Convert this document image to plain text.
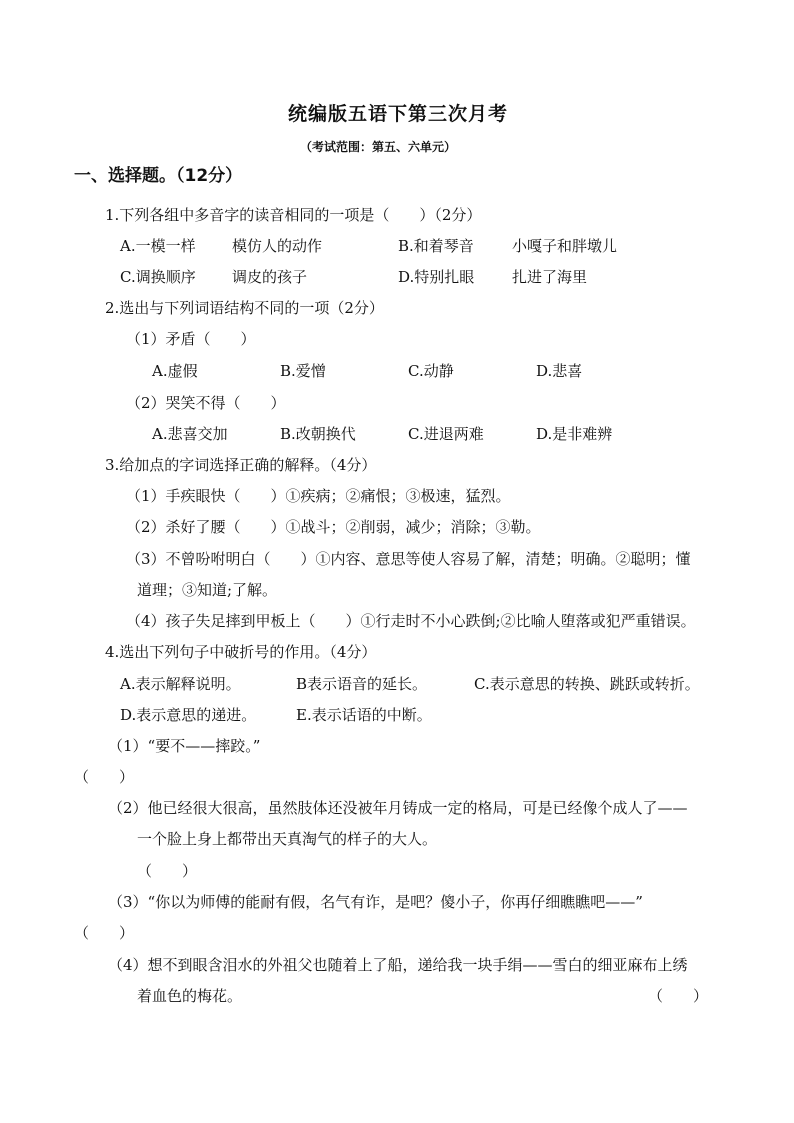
统编版五语下第三次月考
（考试范围：第五、六单元）
一、选择题。（12分）
1.下列各组中多音字的读音相同的一项是（　　）（2分）
A.一模一样 模仿人的动作	B.和着琴音	小嘎子和胖墩儿
C.调换顺序 调皮的孩子	D.特别扎眼	扎进了海里
2.选出与下列词语结构不同的一项（2分）
（1）矛盾（　　）
A.虚假	B.爱憎	C.动静	D.悲喜
（2）哭笑不得（　　）
A.悲喜交加	B.改朝换代	C.进退两难	D.是非难辨
3.给加点的字词选择正确的解释。（4分）
（1）手疾眼快（　　）①疾病；②痛恨；③极速，猛烈。
（2）杀好了腰（　　）①战斗；②削弱，减少；消除；③勒。
（3）不曾吩咐明白（　　）①内容、意思等使人容易了解，清楚；明确。②聪明；懂
道理；③知道;了解。
（4）孩子失足摔到甲板上（　　）①行走时不小心跌倒;②比喻人堕落或犯严重错误。
4.选出下列句子中破折号的作用。（4分）
A.表示解释说明。	B表示语音的延长。	C.表示意思的转换、跳跃或转折。
D.表示意思的递进。	E.表示话语的中断。
（1）“要不——摔跤。”
（　　）
（2）他已经很大很高，虽然肢体还没被年月铸成一定的格局，可是已经像个成人了——
一个脸上身上都带出天真淘气的样子的大人。
（　　）
（3）“你以为师傅的能耐有假，名气有诈，是吧？傻小子，你再仔细瞧瞧吧——”
（　　）
（4）想不到眼含泪水的外祖父也随着上了船，递给我一块手绢——雪白的细亚麻布上绣
着血色的梅花。	（　　）
